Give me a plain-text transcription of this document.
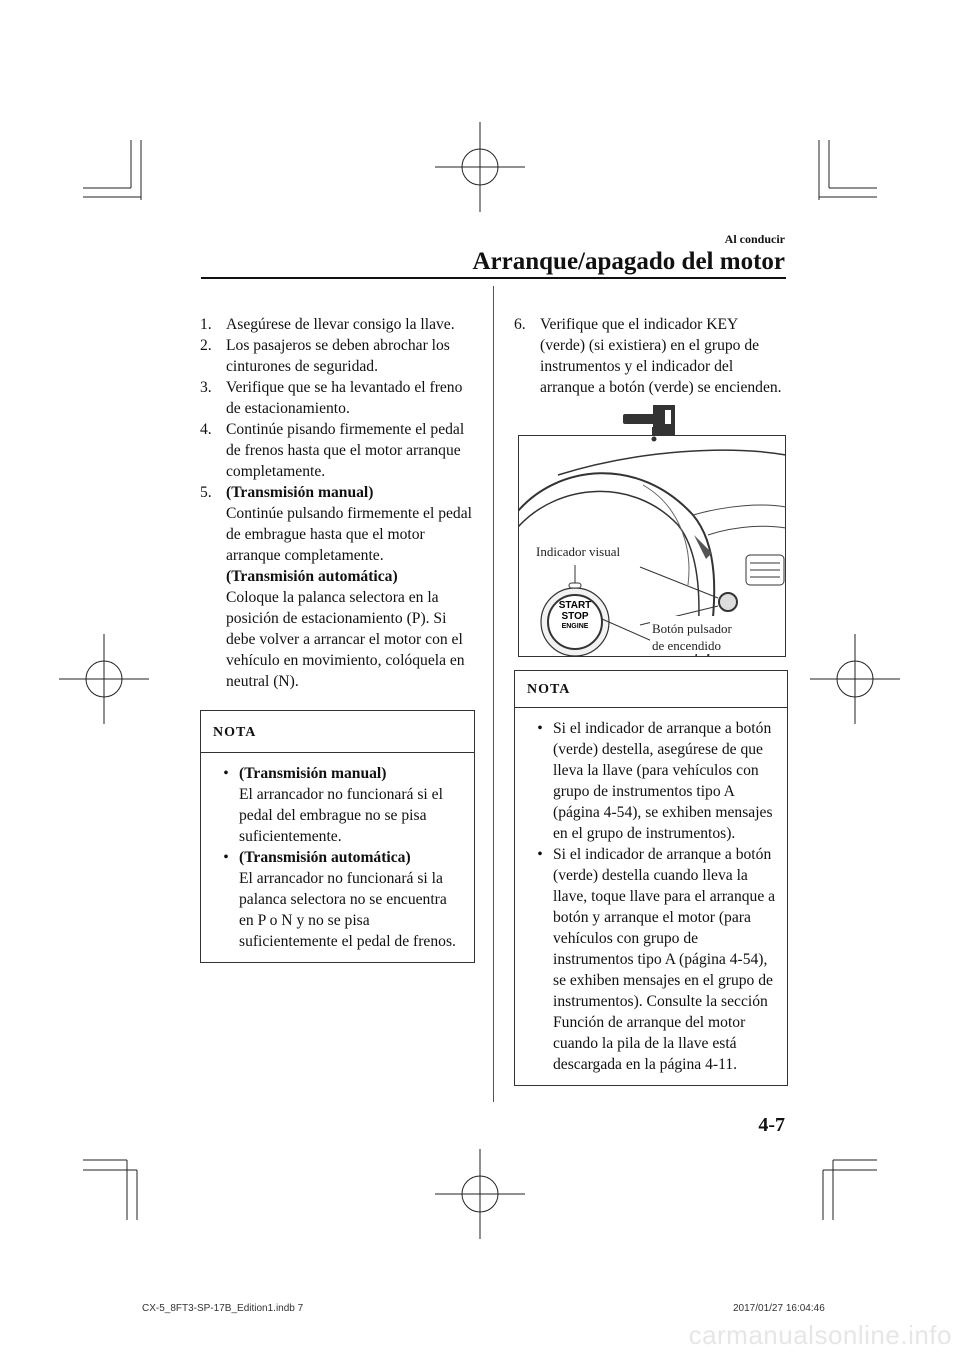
Al conducir
Arranque/apagado del motor
1. Asegúrese de llevar consigo la llave.
2. Los pasajeros se deben abrochar los cinturones de seguridad.
3. Verifique que se ha levantado el freno de estacionamiento.
4. Continúe pisando firmemente el pedal de frenos hasta que el motor arranque completamente.
5. (Transmisión manual)
Continúe pulsando firmemente el pedal de embrague hasta que el motor arranque completamente.
(Transmisión automática)
Coloque la palanca selectora en la posición de estacionamiento (P). Si debe volver a arrancar el motor con el vehículo en movimiento, colóquela en neutral (N).
NOTA
• (Transmisión manual)
El arrancador no funcionará si el pedal del embrague no se pisa suficientemente.
• (Transmisión automática)
El arrancador no funcionará si la palanca selectora no se encuentra en P o N y no se pisa suficientemente el pedal de frenos.
6. Verifique que el indicador KEY (verde) (si existiera) en el grupo de instrumentos y el indicador del arranque a botón (verde) se encienden.
START
STOP
ENGINE
Indicador visual
Botón pulsador
de encendido
NOTA
• Si el indicador de arranque a botón (verde) destella, asegúrese de que lleva la llave (para vehículos con grupo de instrumentos tipo A (página 4-54), se exhiben mensajes en el grupo de instrumentos).
• Si el indicador de arranque a botón (verde) destella cuando lleva la llave, toque llave para el arranque a botón y arranque el motor (para vehículos con grupo de instrumentos tipo A (página 4-54), se exhiben mensajes en el grupo de instrumentos). Consulte la sección Función de arranque del motor cuando la pila de la llave está descargada en la página 4-11.
4-7
CX-5_8FT3-SP-17B_Edition1.indb 7	2017/01/27 16:04:46
carmanualsonline.info
